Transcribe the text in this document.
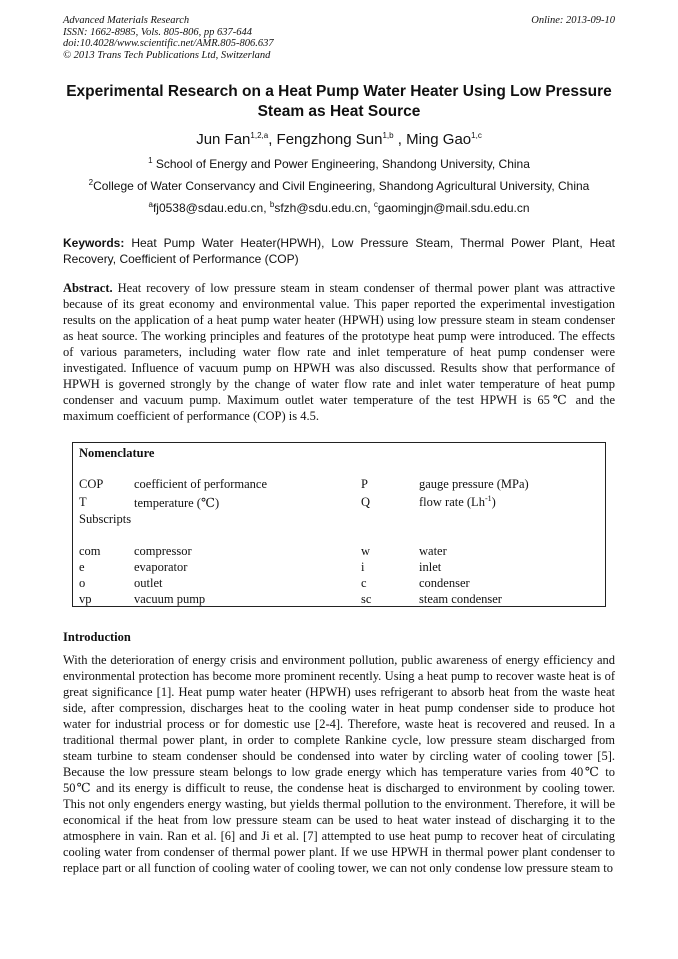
Advanced Materials Research
ISSN: 1662-8985, Vols. 805-806, pp 637-644
doi:10.4028/www.scientific.net/AMR.805-806.637
© 2013 Trans Tech Publications Ltd, Switzerland
Online: 2013-09-10
Experimental Research on a Heat Pump Water Heater Using Low Pressure Steam as Heat Source
Jun Fan$^{1,2,a}$, Fengzhong Sun$^{1,b}$ , Ming Gao$^{1,c}$
$^1$ School of Energy and Power Engineering, Shandong University, China
$^2$College of Water Conservancy and Civil Engineering, Shandong Agricultural University, China
$^a$fj0538@sdau.edu.cn, $^b$sfzh@sdu.edu.cn, $^c$gaomingjn@mail.sdu.edu.cn
Keywords: Heat Pump Water Heater(HPWH), Low Pressure Steam, Thermal Power Plant, Heat Recovery, Coefficient of Performance (COP)
Abstract. Heat recovery of low pressure steam in steam condenser of thermal power plant was attractive because of its great economy and environmental value. This paper reported the experimental investigation results on the application of a heat pump water heater (HPWH) using low pressure steam in steam condenser as heat source. The working principles and features of the prototype heat pump were introduced. The effects of various parameters, including water flow rate and inlet temperature of heat pump condenser were investigated. Influence of vacuum pump on HPWH was also discussed. Results show that performance of HPWH is governed strongly by the change of water flow rate and inlet water temperature of heat pump condenser and vacuum pump. Maximum outlet water temperature of the test HPWH is 65℃ and the maximum coefficient of performance (COP) is 4.5.
Nomenclature
COP coefficient of performance	P	gauge pressure (MPa)
T	temperature (℃)	Q	flow rate $(Lh^{-1})$
Subscripts
com	compressor	w	water
e	evaporator	i	inlet
o	outlet	c	condenser
vp	vacuum pump	sc	steam condenser
Introduction

With the deterioration of energy crisis and environment pollution, public awareness of energy efficiency and environmental protection has become more prominent recently. Using a heat pump to recover waste heat is of great significance [1]. Heat pump water heater (HPWH) uses refrigerant to absorb heat from the waste heat side, after compression, discharges heat to the cooling water in heat pump condenser side to produce hot water for industrial process or for domestic use [2-4]. Therefore, waste heat is recovered and reused. In a traditional thermal power plant, in order to complete Rankine cycle, low pressure steam discharged from steam turbine to steam condenser should be condensed into water by circling water of cooling tower [5]. Because the low pressure steam belongs to low grade energy which has temperature varies from 40℃ to 50℃ and its energy is difficult to reuse, the condense heat is discharged to environment by cooling tower. This not only engenders energy wasting, but yields thermal pollution to the environment. Therefore, it will be economical if the heat from low pressure steam can be used to heat water instead of discharging it to the atmosphere in vain. Ran et al. [6] and Ji et al. [7] attempted to use heat pump to recover heat of circulating cooling water from condenser of thermal power plant. If we use HPWH in thermal power plant condenser to replace part or all function of cooling water of cooling tower, we can not only condense low pressure steam to
